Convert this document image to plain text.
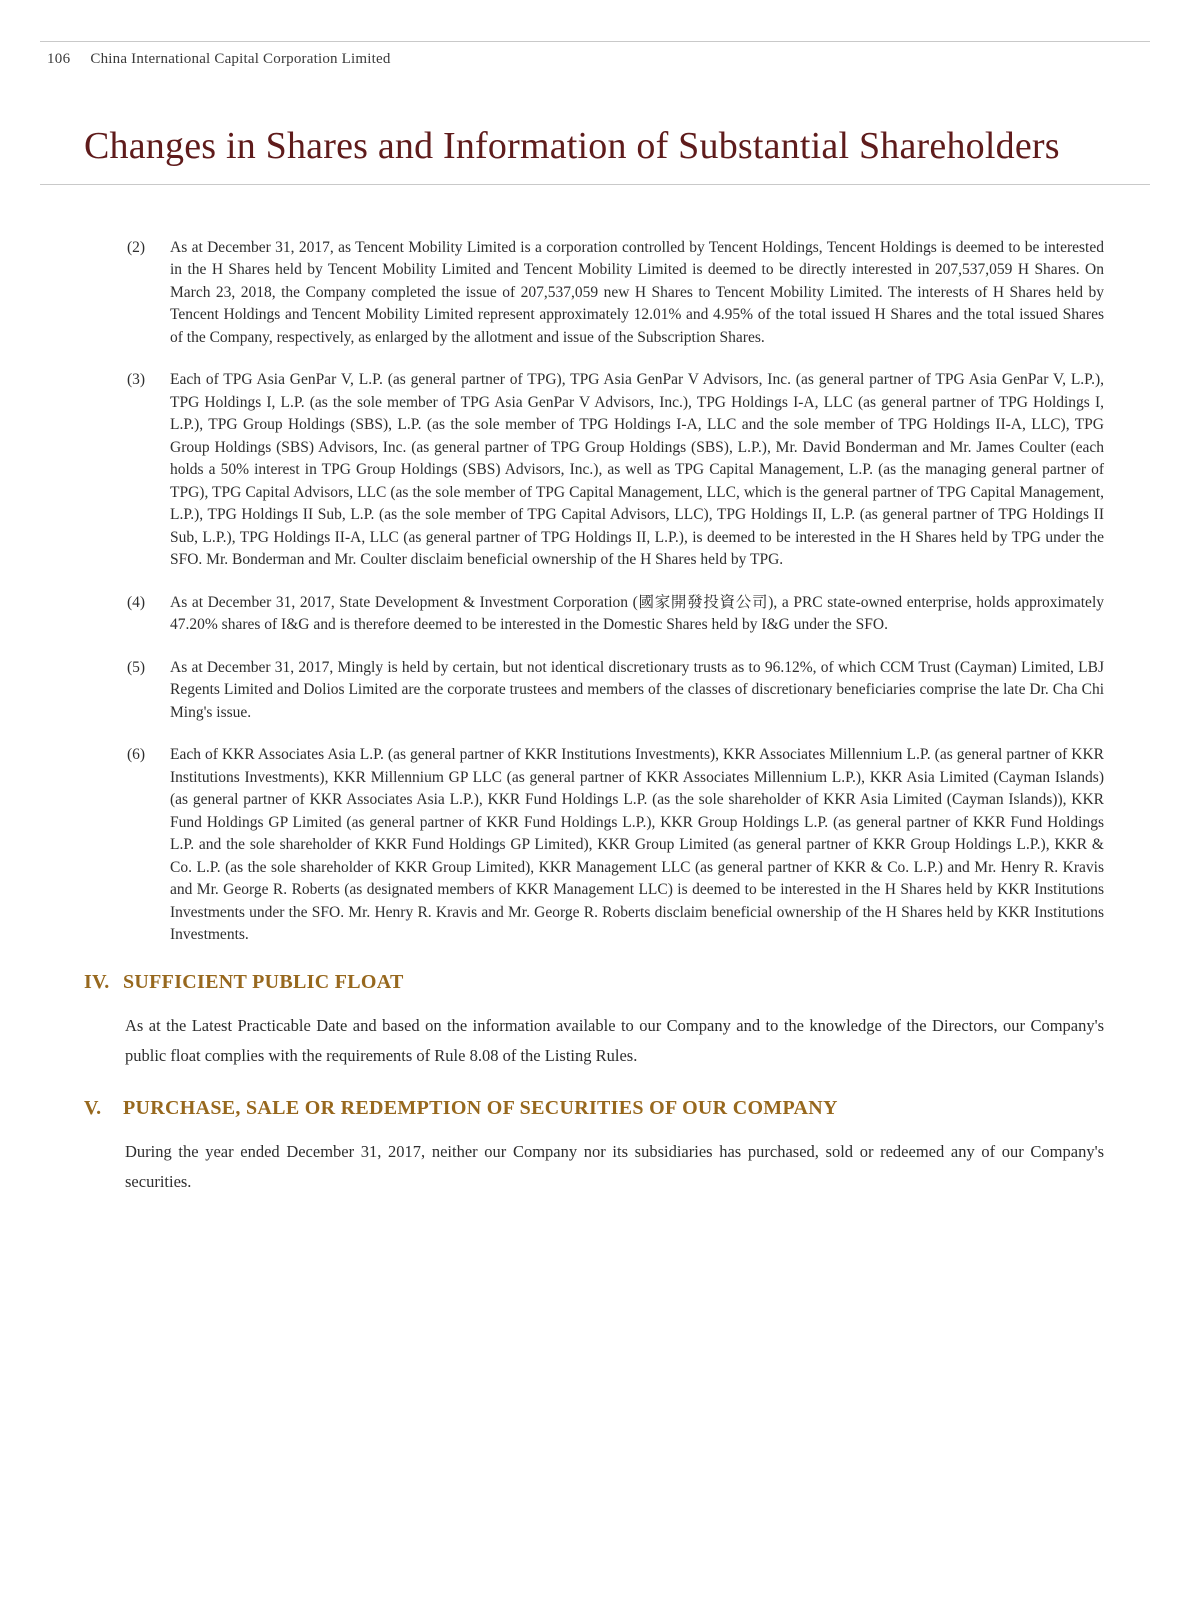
106 China International Capital Corporation Limited
Changes in Shares and Information of Substantial Shareholders
(2)	As at December 31, 2017, as Tencent Mobility Limited is a corporation controlled by Tencent Holdings, Tencent Holdings is deemed to be interested in the H Shares held by Tencent Mobility Limited and Tencent Mobility Limited is deemed to be directly interested in 207,537,059 H Shares. On March 23, 2018, the Company completed the issue of 207,537,059 new H Shares to Tencent Mobility Limited. The interests of H Shares held by Tencent Holdings and Tencent Mobility Limited represent approximately 12.01% and 4.95% of the total issued H Shares and the total issued Shares of the Company, respectively, as enlarged by the allotment and issue of the Subscription Shares.
(3)	Each of TPG Asia GenPar V, L.P. (as general partner of TPG), TPG Asia GenPar V Advisors, Inc. (as general partner of TPG Asia GenPar V, L.P.), TPG Holdings I, L.P. (as the sole member of TPG Asia GenPar V Advisors, Inc.), TPG Holdings I-A, LLC (as general partner of TPG Holdings I, L.P.), TPG Group Holdings (SBS), L.P. (as the sole member of TPG Holdings I-A, LLC and the sole member of TPG Holdings II-A, LLC), TPG Group Holdings (SBS) Advisors, Inc. (as general partner of TPG Group Holdings (SBS), L.P.), Mr. David Bonderman and Mr. James Coulter (each holds a 50% interest in TPG Group Holdings (SBS) Advisors, Inc.), as well as TPG Capital Management, L.P. (as the managing general partner of TPG), TPG Capital Advisors, LLC (as the sole member of TPG Capital Management, LLC, which is the general partner of TPG Capital Management, L.P.), TPG Holdings II Sub, L.P. (as the sole member of TPG Capital Advisors, LLC), TPG Holdings II, L.P. (as general partner of TPG Holdings II Sub, L.P.), TPG Holdings II-A, LLC (as general partner of TPG Holdings II, L.P.), is deemed to be interested in the H Shares held by TPG under the SFO. Mr. Bonderman and Mr. Coulter disclaim beneficial ownership of the H Shares held by TPG.
(4)	As at December 31, 2017, State Development & Investment Corporation (國家開發投資公司), a PRC state-owned enterprise, holds approximately 47.20% shares of I&G and is therefore deemed to be interested in the Domestic Shares held by I&G under the SFO.
(5)	As at December 31, 2017, Mingly is held by certain, but not identical discretionary trusts as to 96.12%, of which CCM Trust (Cayman) Limited, LBJ Regents Limited and Dolios Limited are the corporate trustees and members of the classes of discretionary beneficiaries comprise the late Dr. Cha Chi Ming's issue.
(6)	Each of KKR Associates Asia L.P. (as general partner of KKR Institutions Investments), KKR Associates Millennium L.P. (as general partner of KKR Institutions Investments), KKR Millennium GP LLC (as general partner of KKR Associates Millennium L.P.), KKR Asia Limited (Cayman Islands) (as general partner of KKR Associates Asia L.P.), KKR Fund Holdings L.P. (as the sole shareholder of KKR Asia Limited (Cayman Islands)), KKR Fund Holdings GP Limited (as general partner of KKR Fund Holdings L.P.), KKR Group Holdings L.P. (as general partner of KKR Fund Holdings L.P. and the sole shareholder of KKR Fund Holdings GP Limited), KKR Group Limited (as general partner of KKR Group Holdings L.P.), KKR & Co. L.P. (as the sole shareholder of KKR Group Limited), KKR Management LLC (as general partner of KKR & Co. L.P.) and Mr. Henry R. Kravis and Mr. George R. Roberts (as designated members of KKR Management LLC) is deemed to be interested in the H Shares held by KKR Institutions Investments under the SFO. Mr. Henry R. Kravis and Mr. George R. Roberts disclaim beneficial ownership of the H Shares held by KKR Institutions Investments.
IV. SUFFICIENT PUBLIC FLOAT

As at the Latest Practicable Date and based on the information available to our Company and to the knowledge of the Directors, our Company's public float complies with the requirements of Rule 8.08 of the Listing Rules.

V.	PURCHASE, SALE OR REDEMPTION OF SECURITIES OF OUR COMPANY

During the year ended December 31, 2017, neither our Company nor its subsidiaries has purchased, sold or redeemed any of our Company's securities.
